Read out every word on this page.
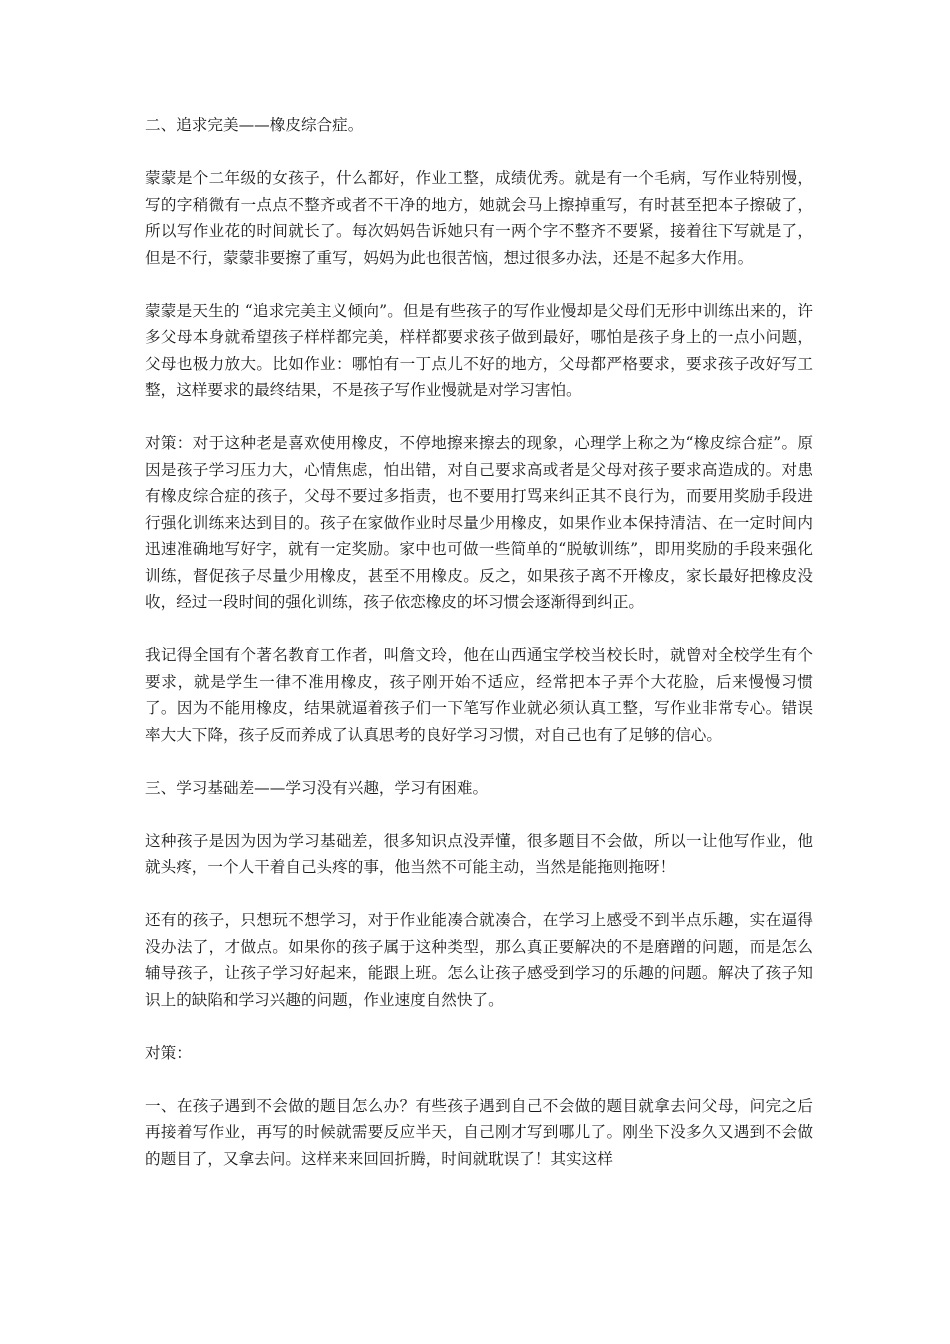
二、追求完美——橡皮综合症。

蒙蒙是个二年级的女孩子，什么都好，作业工整，成绩优秀。就是有一个毛病，写作业特别慢，写的字稍微有一点点不整齐或者不干净的地方，她就会马上擦掉重写，有时甚至把本子擦破了，所以写作业花的时间就长了。每次妈妈告诉她只有一两个字不整齐不要紧，接着往下写就是了，但是不行，蒙蒙非要擦了重写，妈妈为此也很苦恼，想过很多办法，还是不起多大作用。

蒙蒙是天生的 “追求完美主义倾向”。但是有些孩子的写作业慢却是父母们无形中训练出来的，许多父母本身就希望孩子样样都完美，样样都要求孩子做到最好，哪怕是孩子身上的一点小问题，父母也极力放大。比如作业：哪怕有一丁点儿不好的地方，父母都严格要求，要求孩子改好写工整，这样要求的最终结果，不是孩子写作业慢就是对学习害怕。

对策：对于这种老是喜欢使用橡皮，不停地擦来擦去的现象，心理学上称之为“橡皮综合症”。原因是孩子学习压力大，心情焦虑，怕出错，对自己要求高或者是父母对孩子要求高造成的。对患有橡皮综合症的孩子，父母不要过多指责，也不要用打骂来纠正其不良行为，而要用奖励手段进行强化训练来达到目的。孩子在家做作业时尽量少用橡皮，如果作业本保持清洁、在一定时间内迅速准确地写好字，就有一定奖励。家中也可做一些简单的“脱敏训练”，即用奖励的手段来强化训练，督促孩子尽量少用橡皮，甚至不用橡皮。反之，如果孩子离不开橡皮，家长最好把橡皮没收，经过一段时间的强化训练，孩子依恋橡皮的坏习惯会逐渐得到纠正。

我记得全国有个著名教育工作者，叫詹文玲，他在山西通宝学校当校长时，就曾对全校学生有个要求，就是学生一律不准用橡皮，孩子刚开始不适应，经常把本子弄个大花脸，后来慢慢习惯了。因为不能用橡皮，结果就逼着孩子们一下笔写作业就必须认真工整，写作业非常专心。错误率大大下降，孩子反而养成了认真思考的良好学习习惯，对自己也有了足够的信心。

三、学习基础差——学习没有兴趣，学习有困难。

这种孩子是因为因为学习基础差，很多知识点没弄懂，很多题目不会做，所以一让他写作业，他就头疼，一个人干着自己头疼的事，他当然不可能主动，当然是能拖则拖呀！

还有的孩子，只想玩不想学习，对于作业能凑合就凑合，在学习上感受不到半点乐趣，实在逼得没办法了，才做点。如果你的孩子属于这种类型，那么真正要解决的不是磨蹭的问题，而是怎么辅导孩子，让孩子学习好起来，能跟上班。怎么让孩子感受到学习的乐趣的问题。解决了孩子知识上的缺陷和学习兴趣的问题，作业速度自然快了。

对策：

一、在孩子遇到不会做的题目怎么办？有些孩子遇到自己不会做的题目就拿去问父母，问完之后再接着写作业，再写的时候就需要反应半天，自己刚才写到哪儿了。刚坐下没多久又遇到不会做的题目了，又拿去问。这样来来回回折腾，时间就耽误了！其实这样
